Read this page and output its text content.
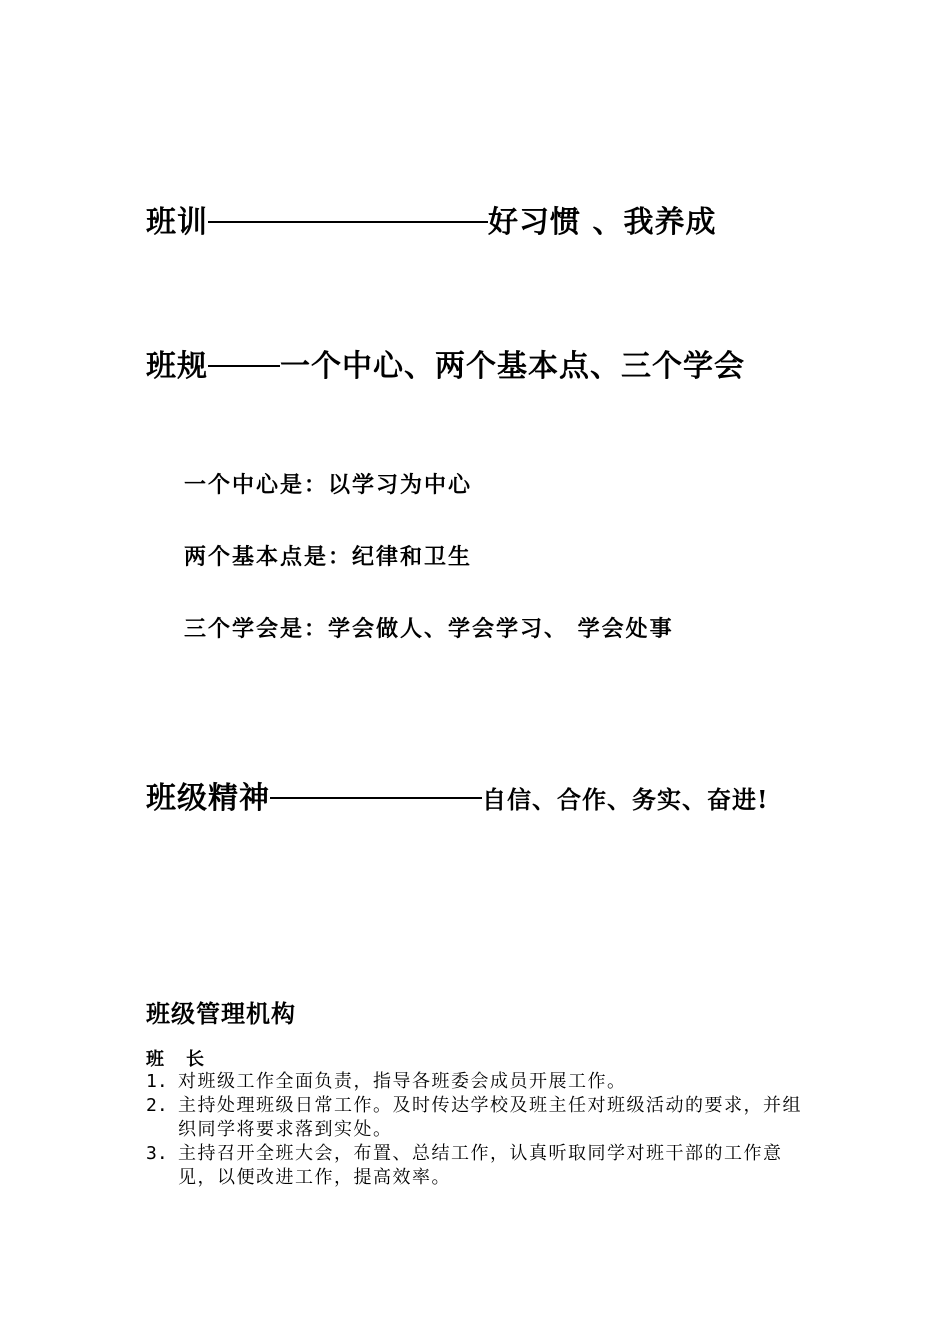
班训	好习惯 、我养成
班规 一个中心、两个基本点、三个学会
一个中心是：以学习为中心
两个基本点是：纪律和卫生
三个学会是：学会做人、学会学习、 学会处事
班级精神	自信、合作、务实、奋进!
班级管理机构
班长
1. 对班级工作全面负责，指导各班委会成员开展工作。
2. 主持处理班级日常工作。及时传达学校及班主任对班级活动的要求，并组织同学将要求落到实处。
3. 主持召开全班大会，布置、总结工作，认真听取同学对班干部的工作意见，以便改进工作，提高效率。
